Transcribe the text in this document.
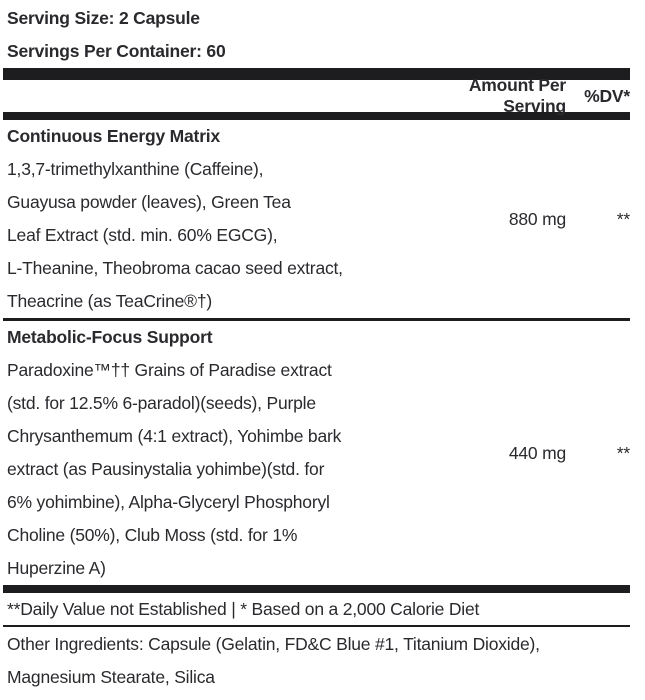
Serving Size: 2 Capsule
Servings Per Container: 60
Amount Per Serving
%DV*
Continuous Energy Matrix
1,3,7-trimethylxanthine (Caffeine),
Guayusa powder (leaves), Green Tea
Leaf Extract (std. min. 60% EGCG),
L-Theanine, Theobroma cacao seed extract,
Theacrine (as TeaCrine®†)
880 mg	**
Metabolic-Focus Support
Paradoxine™†† Grains of Paradise extract
(std. for 12.5% 6-paradol)(seeds), Purple
Chrysanthemum (4:1 extract), Yohimbe bark
extract (as Pausinystalia yohimbe)(std. for
6% yohimbine), Alpha-Glyceryl Phosphoryl
Choline (50%), Club Moss (std. for 1%
Huperzine A)
440 mg	**
**Daily Value not Established | * Based on a 2,000 Calorie Diet
Other Ingredients: Capsule (Gelatin, FD&C Blue #1, Titanium Dioxide),
Magnesium Stearate, Silica
